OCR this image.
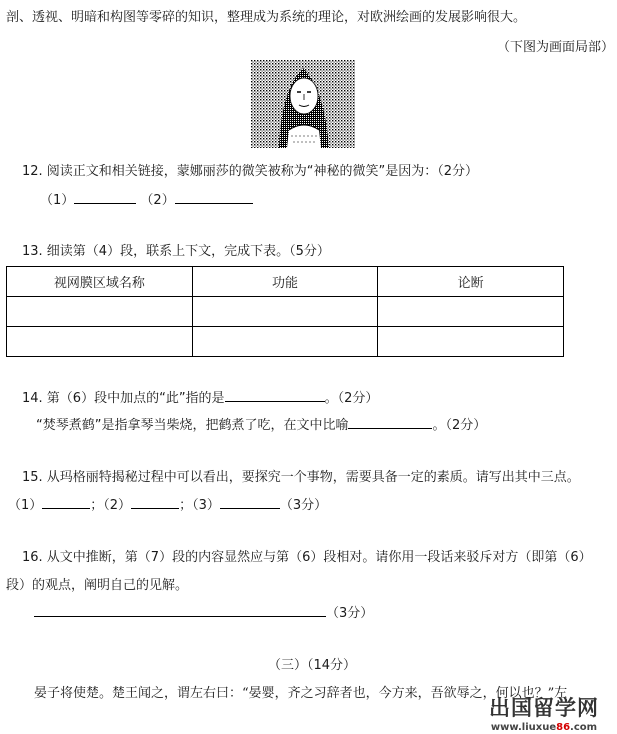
剖、透视、明暗和构图等零碎的知识，整理成为系统的理论，对欧洲绘画的发展影响很大。
（下图为画面局部）
12. 阅读正文和相关链接，蒙娜丽莎的微笑被称为“神秘的微笑”是因为：（2分）
（1）	（2）
13. 细读第（4）段，联系上下文，完成下表。（5分）
视网膜区域名称	功能	论断

14. 第（6）段中加点的“此”指的是	。（2分）
“焚琴煮鹤”是指拿琴当柴烧，把鹤煮了吃，在文中比喻	。（2分）
15. 从玛格丽特揭秘过程中可以看出，要探究一个事物，需要具备一定的素质。请写出其中三点。
（1）	；（2）	；（3）	（3分）
16. 从文中推断，第（7）段的内容显然应与第（6）段相对。请你用一段话来驳斥对方（即第（6）
段）的观点，阐明自己的见解。
（3分）
（三）（14分）
晏子将使楚。楚王闻之，谓左右曰：“晏婴，齐之习辞者也，今方来，吾欲辱之，何以也？”左
出国留学网
www.liuxue86.com
